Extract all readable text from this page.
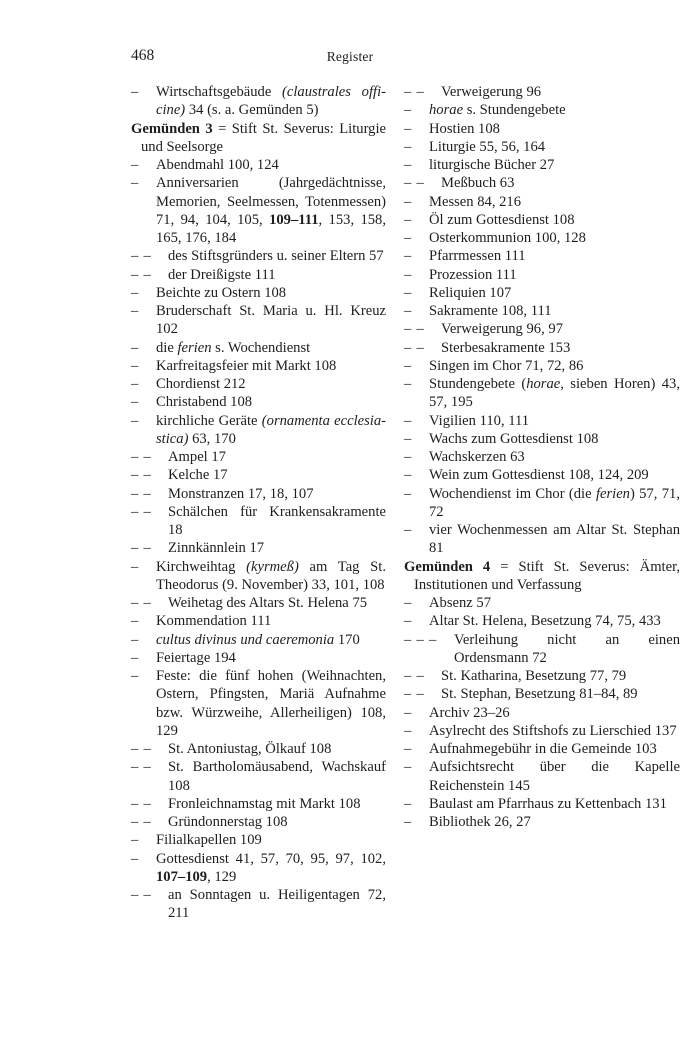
468	Register
–	Wirtschaftsgebäude (claustrales offi-cine) 34 (s. a. Gemünden 5)
Gemünden 3 = Stift St. Severus: Liturgie und Seelsorge
–	Abendmahl 100, 124
–	Anniversarien (Jahrgedächtnisse, Memorien, Seelmessen, Totenmessen) 71, 94, 104, 105, 109–111, 153, 158, 165, 176, 184
– –	des Stiftsgründers u. seiner Eltern 57
– –	der Dreißigste 111
–	Beichte zu Ostern 108
–	Bruderschaft St. Maria u. Hl. Kreuz 102
–	die ferien s. Wochendienst
–	Karfreitagsfeier mit Markt 108
–	Chordienst 212
–	Christabend 108
–	kirchliche Geräte (ornamenta ecclesia-stica) 63, 170
– –	Ampel 17
– –	Kelche 17
– –	Monstranzen 17, 18, 107
– –	Schälchen für Krankensakramente 18
– –	Zinnkännlein 17
–	Kirchweihtag (kyrmeß) am Tag St. Theodorus (9. November) 33, 101, 108
– –	Weihetag des Altars St. Helena 75
–	Kommendation 111
–	cultus divinus und caeremonia 170
–	Feiertage 194
–	Feste: die fünf hohen (Weihnachten, Ostern, Pfingsten, Mariä Aufnahme bzw. Würzweihe, Allerheiligen) 108, 129
– –	St. Antoniustag, Ölkauf 108
– –	St. Bartholomäusabend, Wachskauf 108
– –	Fronleichnamstag mit Markt 108
– –	Gründonnerstag 108
–	Filialkapellen 109
–	Gottesdienst 41, 57, 70, 95, 97, 102, 107–109, 129
– –	an Sonntagen u. Heiligentagen 72, 211
– –	Verweigerung 96
–	horae s. Stundengebete
–	Hostien 108
–	Liturgie 55, 56, 164
–	liturgische Bücher 27
– –	Meßbuch 63
–	Messen 84, 216
–	Öl zum Gottesdienst 108
–	Osterkommunion 100, 128
–	Pfarrmessen 111
–	Prozession 111
–	Reliquien 107
–	Sakramente 108, 111
– –	Verweigerung 96, 97
– –	Sterbesakramente 153
–	Singen im Chor 71, 72, 86
–	Stundengebete (horae, sieben Horen) 43, 57, 195
–	Vigilien 110, 111
–	Wachs zum Gottesdienst 108
–	Wachskerzen 63
–	Wein zum Gottesdienst 108, 124, 209
–	Wochendienst im Chor (die ferien) 57, 71, 72
–	vier Wochenmessen am Altar St. Stephan 81
Gemünden 4 = Stift St. Severus: Ämter, Institutionen und Verfassung
–	Absenz 57
–	Altar St. Helena, Besetzung 74, 75, 433
– – –	Verleihung nicht an einen Ordensmann 72
– –	St. Katharina, Besetzung 77, 79
– –	St. Stephan, Besetzung 81–84, 89
–	Archiv 23–26
–	Asylrecht des Stiftshofs zu Lierschied 137
–	Aufnahmegebühr in die Gemeinde 103
–	Aufsichtsrecht über die Kapelle Reichenstein 145
–	Baulast am Pfarrhaus zu Kettenbach 131
–	Bibliothek 26, 27
